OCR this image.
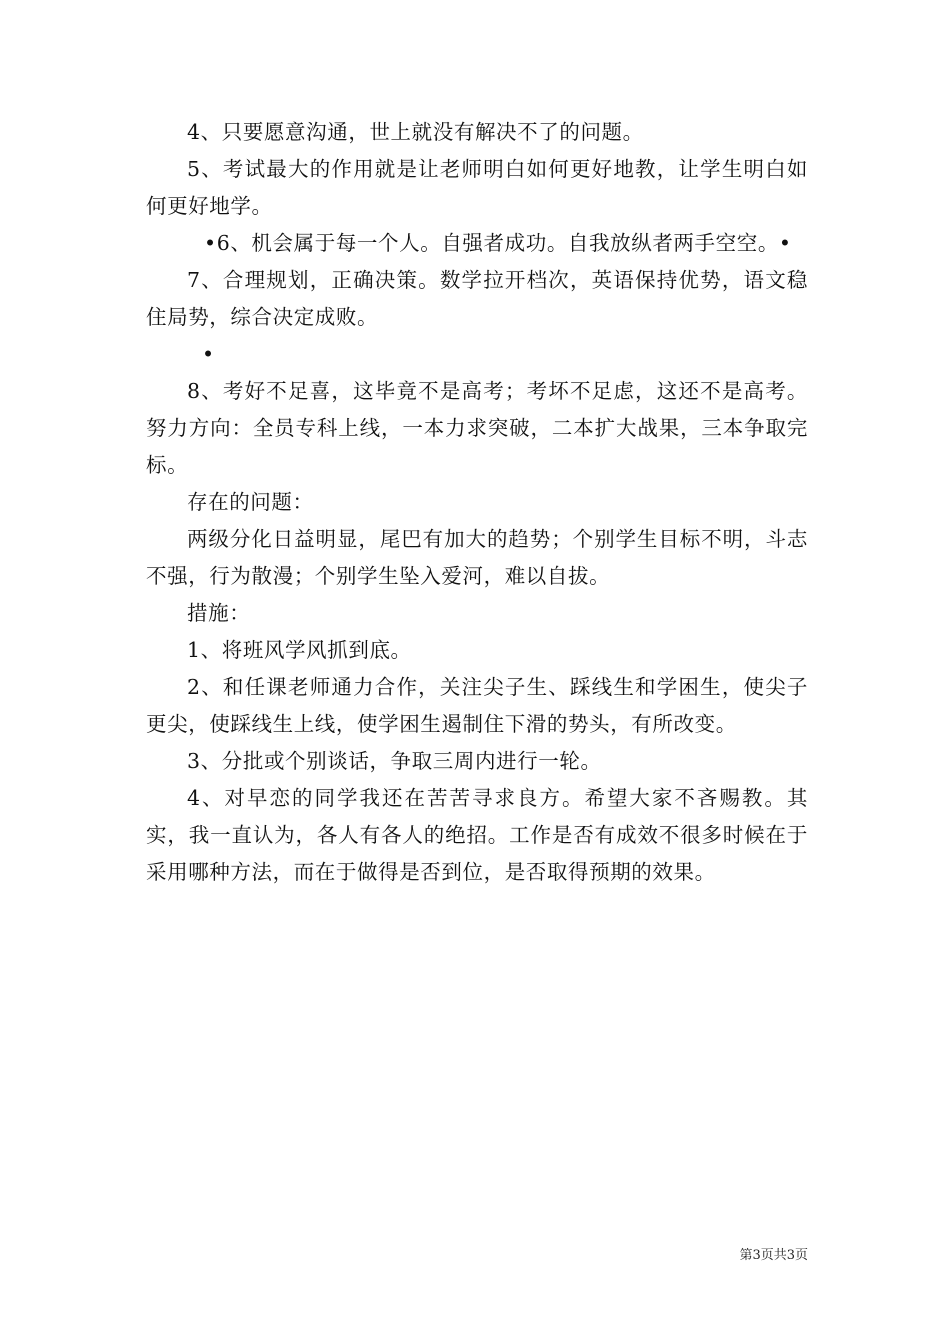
4、只要愿意沟通，世上就没有解决不了的问题。

5、考试最大的作用就是让老师明白如何更好地教，让学生明白如何更好地学。

•6、机会属于每一个人。自强者成功。自我放纵者两手空空。•

7、合理规划，正确决策。数学拉开档次，英语保持优势，语文稳住局势，综合决定成败。

•

8、考好不足喜，这毕竟不是高考；考坏不足虑，这还不是高考。努力方向：全员专科上线，一本力求突破，二本扩大战果，三本争取完标。

存在的问题：

两级分化日益明显，尾巴有加大的趋势；个别学生目标不明，斗志不强，行为散漫；个别学生坠入爱河，难以自拔。

措施：

1、将班风学风抓到底。

2、和任课老师通力合作，关注尖子生、踩线生和学困生，使尖子更尖，使踩线生上线，使学困生遏制住下滑的势头，有所改变。

3、分批或个别谈话，争取三周内进行一轮。

4、对早恋的同学我还在苦苦寻求良方。希望大家不吝赐教。其实，我一直认为，各人有各人的绝招。工作是否有成效不很多时候在于采用哪种方法，而在于做得是否到位，是否取得预期的效果。

第3页共3页
